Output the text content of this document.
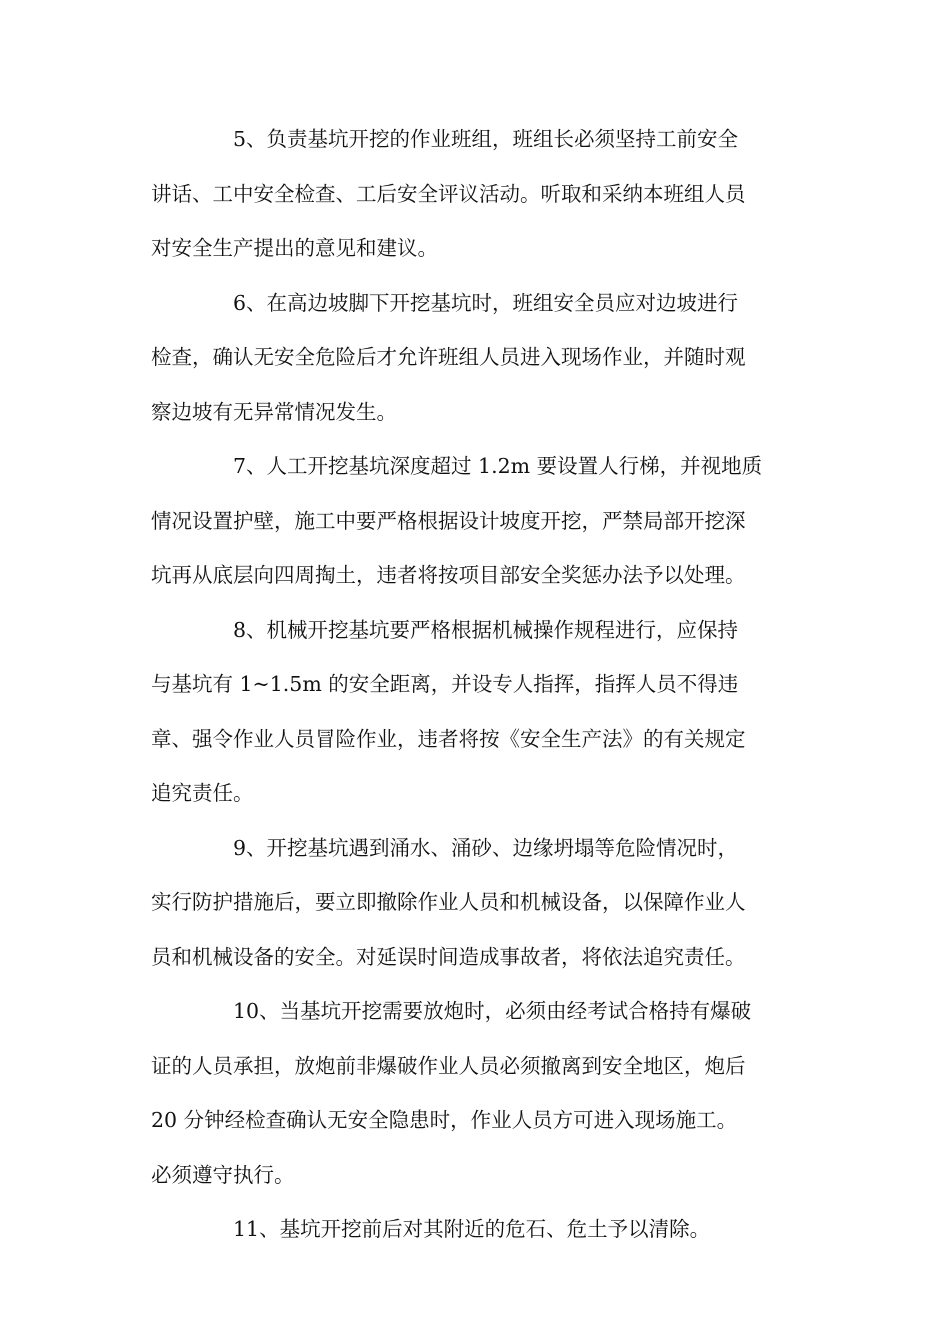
5、负责基坑开挖的作业班组，班组长必须坚持工前安全
讲话、工中安全检查、工后安全评议活动。听取和采纳本班组人员
对安全生产提出的意见和建议。
6、在高边坡脚下开挖基坑时，班组安全员应对边坡进行
检查，确认无安全危险后才允许班组人员进入现场作业，并随时观
察边坡有无异常情况发生。
7、人工开挖基坑深度超过 1.2m 要设置人行梯，并视地质
情况设置护壁，施工中要严格根据设计坡度开挖，严禁局部开挖深
坑再从底层向四周掏土，违者将按项目部安全奖惩办法予以处理。
8、机械开挖基坑要严格根据机械操作规程进行，应保持
与基坑有 1~1.5m 的安全距离，并设专人指挥，指挥人员不得违
章、强令作业人员冒险作业，违者将按《安全生产法》的有关规定
追究责任。
9、开挖基坑遇到涌水、涌砂、边缘坍塌等危险情况时，
实行防护措施后，要立即撤除作业人员和机械设备，以保障作业人
员和机械设备的安全。对延误时间造成事故者，将依法追究责任。
10、当基坑开挖需要放炮时，必须由经考试合格持有爆破
证的人员承担，放炮前非爆破作业人员必须撤离到安全地区，炮后
20 分钟经检查确认无安全隐患时，作业人员方可进入现场施工。
必须遵守执行。
11、基坑开挖前后对其附近的危石、危土予以清除。
